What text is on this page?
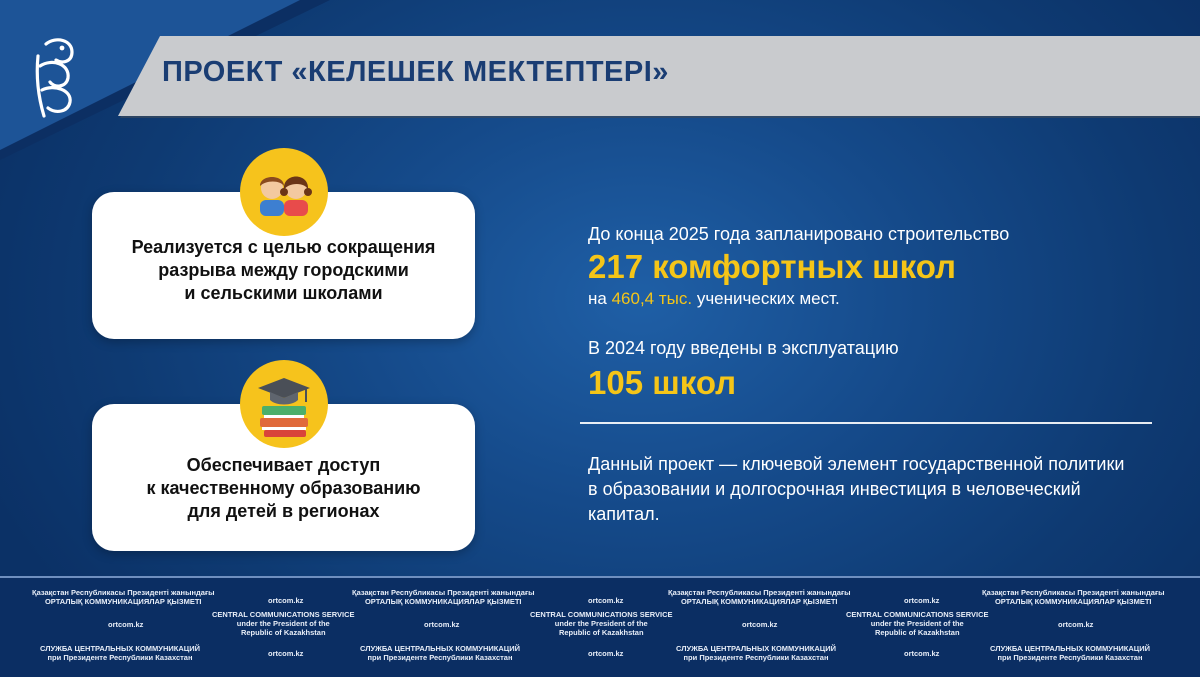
ПРОЕКТ «КЕЛЕШЕК МЕКТЕПТЕРІ»
Реализуется с целью сокращения
разрыва между городскими
и сельскими школами
Обеспечивает доступ
к качественному образованию
для детей в регионах
До конца 2025 года запланировано строительство
217 комфортных школ
на 460,4 тыс. ученических мест.
В 2024 году введены в эксплуатацию
105 школ
Данный проект — ключевой элемент государственной политики в образовании и долгосрочная инвестиция в человеческий капитал.
Қазақстан Республикасы Президенті жанындағы
ОРТАЛЫҚ КОММУНИКАЦИЯЛАР ҚЫЗМЕТІ	ortcom.kz
Қазақстан Республикасы Президенті жанындағы
ОРТАЛЫҚ КОММУНИКАЦИЯЛАР ҚЫЗМЕТІ	ortcom.kz
Қазақстан Республикасы Президенті жанындағы
ОРТАЛЫҚ КОММУНИКАЦИЯЛАР ҚЫЗМЕТІ	ortcom.kz
Қазақстан Республикасы Президенті жанындағы
ОРТАЛЫҚ КОММУНИКАЦИЯЛАР ҚЫЗМЕТІ
ortcom.kz
CENTRAL COMMUNICATIONS SERVICE
under the President of the
Republic of Kazakhstan
ortcom.kz
CENTRAL COMMUNICATIONS SERVICE
under the President of the
Republic of Kazakhstan
ortcom.kz
CENTRAL COMMUNICATIONS SERVICE
under the President of the
Republic of Kazakhstan
ortcom.kz
СЛУЖБА ЦЕНТРАЛЬНЫХ КОММУНИКАЦИЙ
при Президенте Республики Казахстан	ortcom.kz
СЛУЖБА ЦЕНТРАЛЬНЫХ КОММУНИКАЦИЙ
при Президенте Республики Казахстан	ortcom.kz
СЛУЖБА ЦЕНТРАЛЬНЫХ КОММУНИКАЦИЙ
при Президенте Республики Казахстан	ortcom.kz
СЛУЖБА ЦЕНТРАЛЬНЫХ КОММУНИКАЦИЙ
при Президенте Республики Казахстан
